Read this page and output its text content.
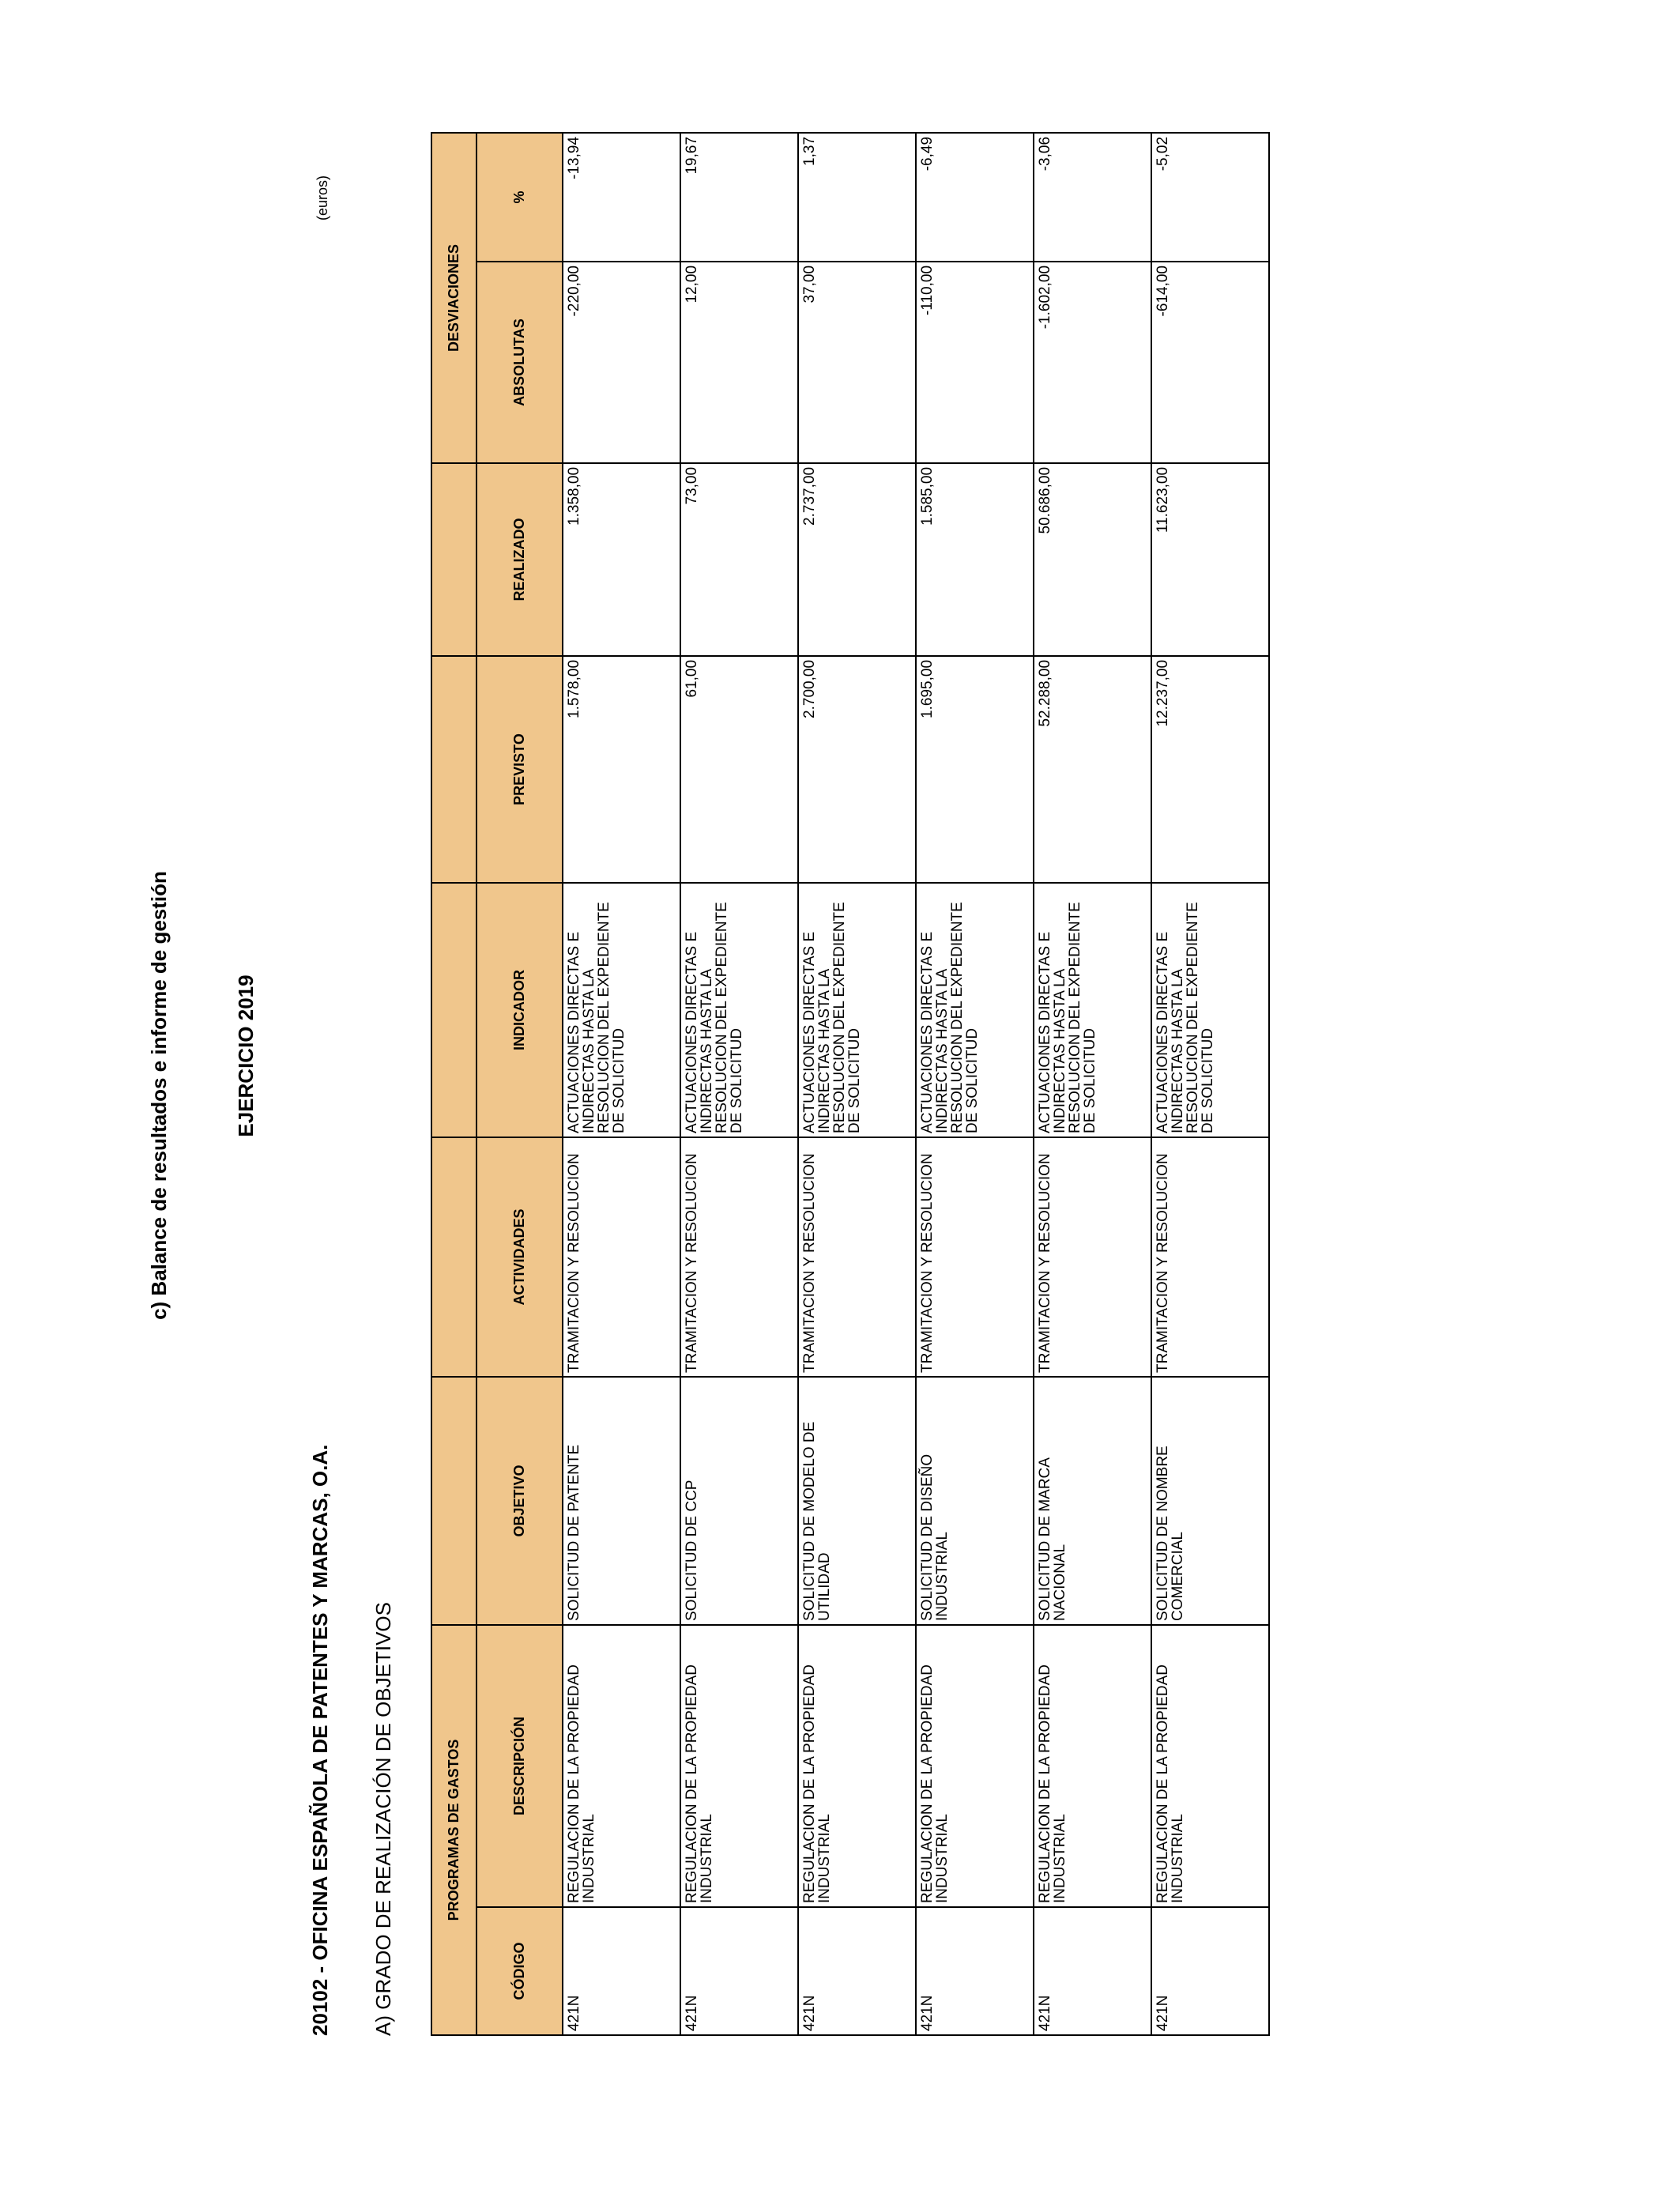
c) Balance de resultados e informe de gestión	EJERCICIO 2019
20102 - OFICINA ESPAÑOLA DE PATENTES Y MARCAS, O.A. A) GRADO DE REALIZACIÓN DE OBJETIVOS
(euros)
PROGRAMAS DE GASTOS							DESVIACIONES	
CÓDIGO	DESCRIPCIÓN	OBJETIVO	ACTIVIDADES	INDICADOR	PREVISTO	REALIZADO	ABSOLUTAS	%
421N	REGULACION DE LA PROPIEDAD INDUSTRIAL	SOLICITUD DE PATENTE	TRAMITACION Y RESOLUCION	ACTUACIONES DIRECTAS E INDIRECTAS HASTA LA RESOLUCION DEL EXPEDIENTE DE SOLICITUD	1.578,00	1.358,00	-220,00	-13,94
421N	REGULACION DE LA PROPIEDAD INDUSTRIAL	SOLICITUD DE CCP	TRAMITACION Y RESOLUCION	ACTUACIONES DIRECTAS E INDIRECTAS HASTA LA RESOLUCION DEL EXPEDIENTE DE SOLICITUD	61,00	73,00	12,00	19,67
421N	REGULACION DE LA PROPIEDAD INDUSTRIAL	SOLICITUD DE MODELO DE UTILIDAD	TRAMITACION Y RESOLUCION	ACTUACIONES DIRECTAS E INDIRECTAS HASTA LA RESOLUCION DEL EXPEDIENTE DE SOLICITUD	2.700,00	2.737,00	37,00	1,37
421N	REGULACION DE LA PROPIEDAD INDUSTRIAL	SOLICITUD DE DISEÑO INDUSTRIAL	TRAMITACION Y RESOLUCION	ACTUACIONES DIRECTAS E INDIRECTAS HASTA LA RESOLUCION DEL EXPEDIENTE DE SOLICITUD	1.695,00	1.585,00	-110,00	-6,49
421N	REGULACION DE LA PROPIEDAD INDUSTRIAL	SOLICITUD DE MARCA NACIONAL	TRAMITACION Y RESOLUCION	ACTUACIONES DIRECTAS E INDIRECTAS HASTA LA RESOLUCION DEL EXPEDIENTE DE SOLICITUD	52.288,00	50.686,00	-1.602,00	-3,06
421N	REGULACION DE LA PROPIEDAD INDUSTRIAL	SOLICITUD DE NOMBRE COMERCIAL	TRAMITACION Y RESOLUCION	ACTUACIONES DIRECTAS E INDIRECTAS HASTA LA RESOLUCION DEL EXPEDIENTE DE SOLICITUD	12.237,00	11.623,00	-614,00	-5,02
